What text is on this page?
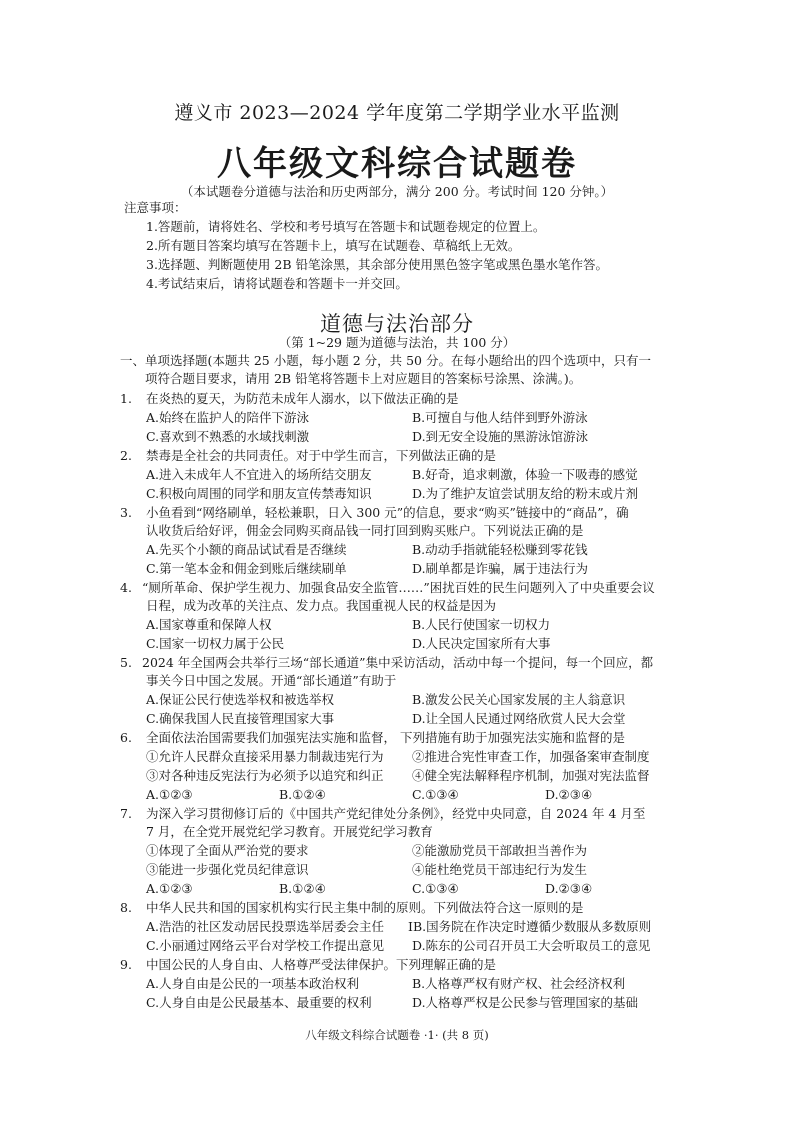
遵义市 2023—2024 学年度第二学期学业水平监测
八年级文科综合试题卷
（本试题卷分道德与法治和历史两部分，满分 200 分。考试时间 120 分钟。）
注意事项：
1.答题前，请将姓名、学校和考号填写在答题卡和试题卷规定的位置上。
2.所有题目答案均填写在答题卡上，填写在试题卷、草稿纸上无效。
3.选择题、判断题使用 2B 铅笔涂黑，其余部分使用黑色签字笔或黑色墨水笔作答。
4.考试结束后，请将试题卷和答题卡一并交回。
道德与法治部分
（第 1~29 题为道德与法治，共 100 分）
一、单项选择题(本题共 25 小题，每小题 2 分，共 50 分。在每小题给出的四个选项中，只有一
项符合题目要求，请用 2B 铅笔将答题卡上对应题目的答案标号涂黑、涂满。)。
1. 在炎热的夏天，为防范未成年人溺水，以下做法正确的是
A.始终在监护人的陪伴下游泳	B.可擅自与他人结伴到野外游泳
C.喜欢到不熟悉的水域找刺激	D.到无安全设施的黑游泳馆游泳
2. 禁毒是全社会的共同责任。对于中学生而言，下列做法正确的是
A.进入未成年人不宜进入的场所结交朋友	B.好奇，追求刺激，体验一下吸毒的感觉
C.积极向周围的同学和朋友宣传禁毒知识	D.为了维护友谊尝试朋友给的粉末或片剂
3. 小鱼看到“网络刷单，轻松兼职，日入 300 元”的信息，要求“购买”链接中的“商品”，确
认收货后给好评，佣金会同购买商品钱一同打回到购买账户。下列说法正确的是
A.先买个小额的商品试试看是否继续	B.动动手指就能轻松赚到零花钱
C.第一笔本金和佣金到账后继续刷单	D.刷单都是诈骗，属于违法行为
4. “厕所革命、保护学生视力、加强食品安全监管……”困扰百姓的民生问题列入了中央重要会议
日程，成为改革的关注点、发力点。我国重视人民的权益是因为
A.国家尊重和保障人权	B.人民行使国家一切权力
C.国家一切权力属于公民	D.人民决定国家所有大事
5. 2024 年全国两会共举行三场“部长通道”集中采访活动，活动中每一个提问，每一个回应，都
事关今日中国之发展。开通“部长通道”有助于
A.保证公民行使选举权和被选举权	B.激发公民关心国家发展的主人翁意识
C.确保我国人民直接管理国家大事	D.让全国人民通过网络欣赏人民大会堂
6. 全面依法治国需要我们加强宪法实施和监督， 下列措施有助于加强宪法实施和监督的是
①允许人民群众直接采用暴力制裁违宪行为 ②推进合宪性审查工作，加强备案审查制度
③对各种违反宪法行为必须予以追究和纠正 ④健全宪法解释程序机制，加强对宪法监督
A.①②③	B.①②④	C.①③④	D.②③④
7. 为深入学习贯彻修订后的《中国共产党纪律处分条例》，经党中央同意，自 2024 年 4 月至
7 月，在全党开展党纪学习教育。开展党纪学习教育
①体现了全面从严治党的要求	②能激励党员干部敢担当善作为
③能进一步强化党员纪律意识	④能杜绝党员干部违纪行为发生
A.①②③	B.①②④	C.①③④	D.②③④
8. 中华人民共和国的国家机构实行民主集中制的原则。下列做法符合这一原则的是
A.浩浩的社区发动居民投票选举居委会主任 IB.国务院在作决定时遵循少数服从多数原则
C.小丽通过网络云平台对学校工作提出意见 D.陈东的公司召开员工大会听取员工的意见
9. 中国公民的人身自由、人格尊严受法律保护。下列理解正确的是
A.人身自由是公民的一项基本政治权利	B.人格尊严权有财产权、社会经济权利
C.人身自由是公民最基本、最重要的权利	D.人格尊严权是公民参与管理国家的基础
八年级文科综合试题卷 ·1· (共 8 页)
